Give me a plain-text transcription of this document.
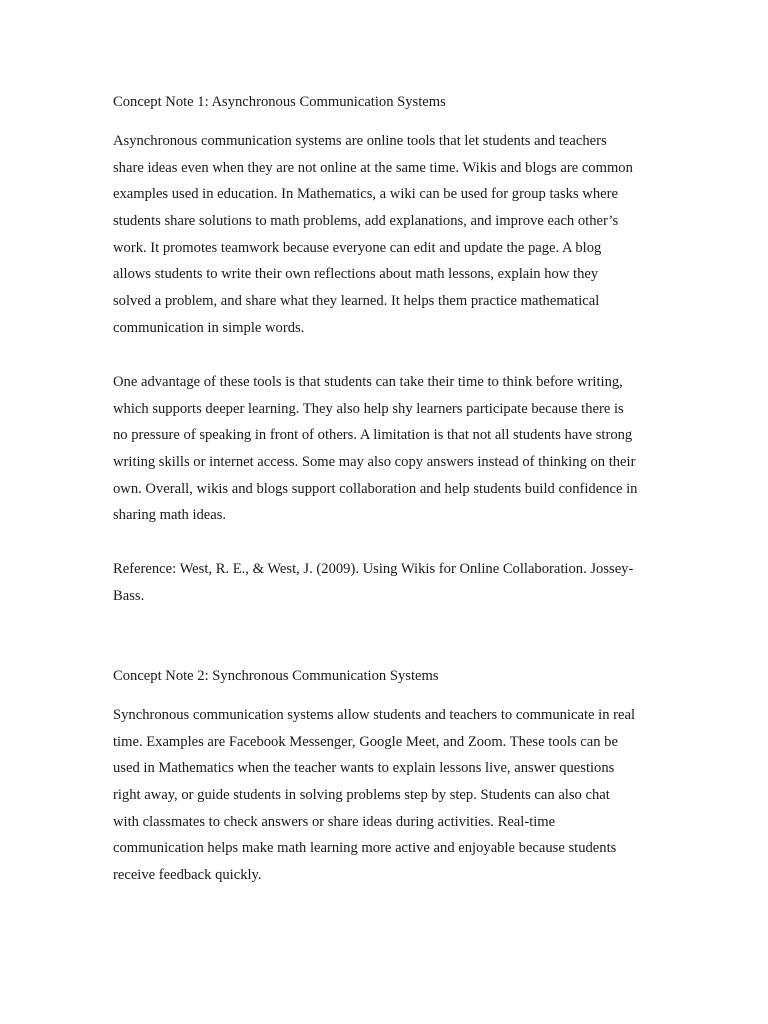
Concept Note 1: Asynchronous Communication Systems
Asynchronous communication systems are online tools that let students and teachers
share ideas even when they are not online at the same time. Wikis and blogs are common
examples used in education. In Mathematics, a wiki can be used for group tasks where
students share solutions to math problems, add explanations, and improve each other’s
work. It promotes teamwork because everyone can edit and update the page. A blog
allows students to write their own reflections about math lessons, explain how they
solved a problem, and share what they learned. It helps them practice mathematical
communication in simple words.
One advantage of these tools is that students can take their time to think before writing,
which supports deeper learning. They also help shy learners participate because there is
no pressure of speaking in front of others. A limitation is that not all students have strong
writing skills or internet access. Some may also copy answers instead of thinking on their
own. Overall, wikis and blogs support collaboration and help students build confidence in
sharing math ideas.
Reference: West, R. E., & West, J. (2009). Using Wikis for Online Collaboration. Jossey-
Bass.
Concept Note 2: Synchronous Communication Systems
Synchronous communication systems allow students and teachers to communicate in real
time. Examples are Facebook Messenger, Google Meet, and Zoom. These tools can be
used in Mathematics when the teacher wants to explain lessons live, answer questions
right away, or guide students in solving problems step by step. Students can also chat
with classmates to check answers or share ideas during activities. Real-time
communication helps make math learning more active and enjoyable because students
receive feedback quickly.
